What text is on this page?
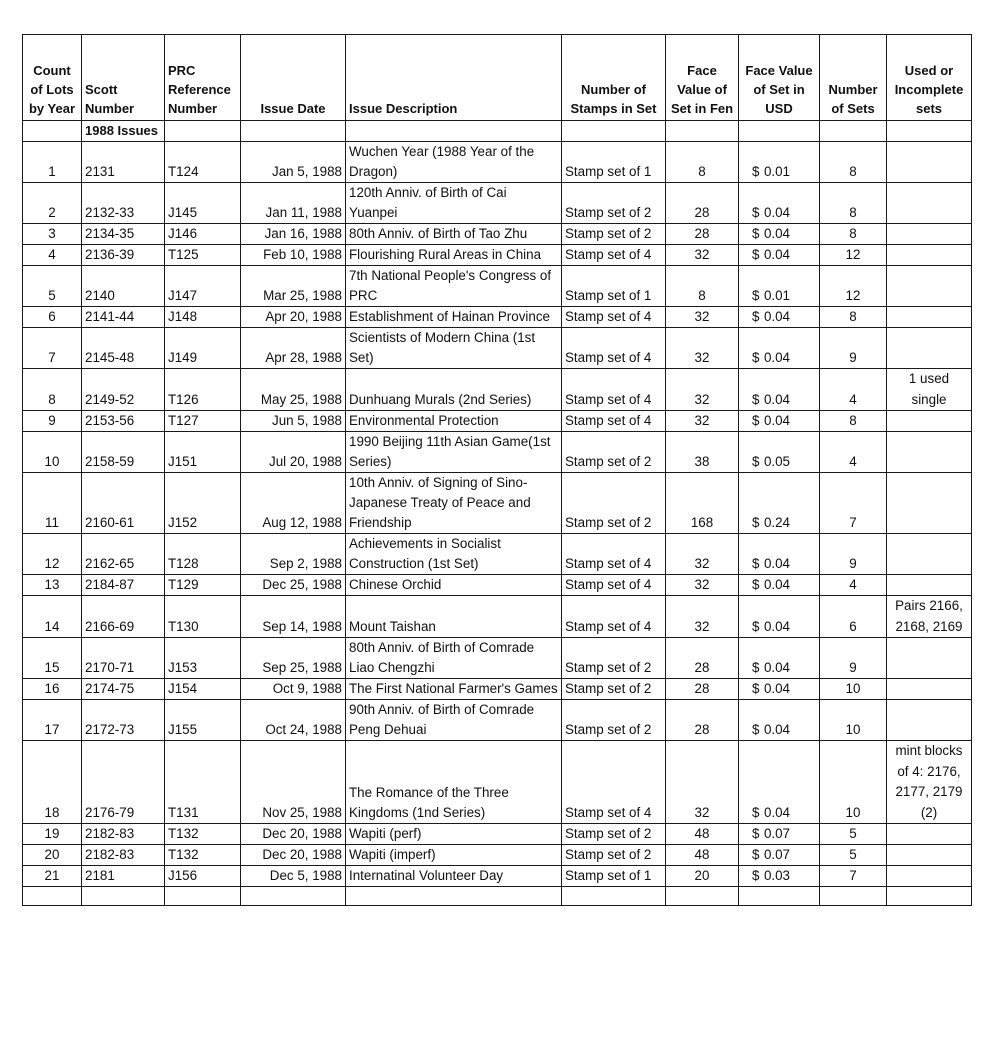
Count of Lots by Year	Scott Number	PRC Reference Number	Issue Date	Issue Description	Number of Stamps in Set	Face Value of Set in Fen	Face Value of Set in USD	Number of Sets	Used or Incomplete sets
	1988 Issues								
1	2131	T124	Jan 5, 1988	Wuchen Year (1988 Year of the Dragon)	Stamp set of 1	8	$ 0.01	8	
2	2132-33	J145	Jan 11, 1988	120th Anniv. of Birth of Cai Yuanpei	Stamp set of 2	28	$ 0.04	8	
3	2134-35	J146	Jan 16, 1988	80th Anniv. of Birth of Tao Zhu	Stamp set of 2	28	$ 0.04	8	
4	2136-39	T125	Feb 10, 1988	Flourishing Rural Areas in China	Stamp set of 4	32	$ 0.04	12	
5	2140	J147	Mar 25, 1988	7th National People's Congress of PRC	Stamp set of 1	8	$ 0.01	12	
6	2141-44	J148	Apr 20, 1988	Establishment of Hainan Province	Stamp set of 4	32	$ 0.04	8	
7	2145-48	J149	Apr 28, 1988	Scientists of Modern China (1st Set)	Stamp set of 4	32	$ 0.04	9	
8	2149-52	T126	May 25, 1988	Dunhuang Murals (2nd Series)	Stamp set of 4	32	$ 0.04	4	1 used single
9	2153-56	T127	Jun 5, 1988	Environmental Protection	Stamp set of 4	32	$ 0.04	8	
10	2158-59	J151	Jul 20, 1988	1990 Beijing 11th Asian Game(1st Series)	Stamp set of 2	38	$ 0.05	4	
11	2160-61	J152	Aug 12, 1988	10th Anniv. of Signing of Sino-Japanese Treaty of Peace and Friendship	Stamp set of 2	168	$ 0.24	7	
12	2162-65	T128	Sep 2, 1988	Achievements in Socialist Construction (1st Set)	Stamp set of 4	32	$ 0.04	9	
13	2184-87	T129	Dec 25, 1988	Chinese Orchid	Stamp set of 4	32	$ 0.04	4	
14	2166-69	T130	Sep 14, 1988	Mount Taishan	Stamp set of 4	32	$ 0.04	6	Pairs 2166, 2168, 2169
15	2170-71	J153	Sep 25, 1988	80th Anniv. of Birth of Comrade Liao Chengzhi	Stamp set of 2	28	$ 0.04	9	
16	2174-75	J154	Oct 9, 1988	The First National Farmer's Games	Stamp set of 2	28	$ 0.04	10	
17	2172-73	J155	Oct 24, 1988	90th Anniv. of Birth of Comrade Peng Dehuai	Stamp set of 2	28	$ 0.04	10	
18	2176-79	T131	Nov 25, 1988	The Romance of the Three Kingdoms (1nd Series)	Stamp set of 4	32	$ 0.04	10	mint blocks of 4: 2176, 2177, 2179 (2)
19	2182-83	T132	Dec 20, 1988	Wapiti (perf)	Stamp set of 2	48	$ 0.07	5	
20	2182-83	T132	Dec 20, 1988	Wapiti (imperf)	Stamp set of 2	48	$ 0.07	5	
21	2181	J156	Dec 5, 1988	Internatinal Volunteer Day	Stamp set of 1	20	$ 0.03	7	
